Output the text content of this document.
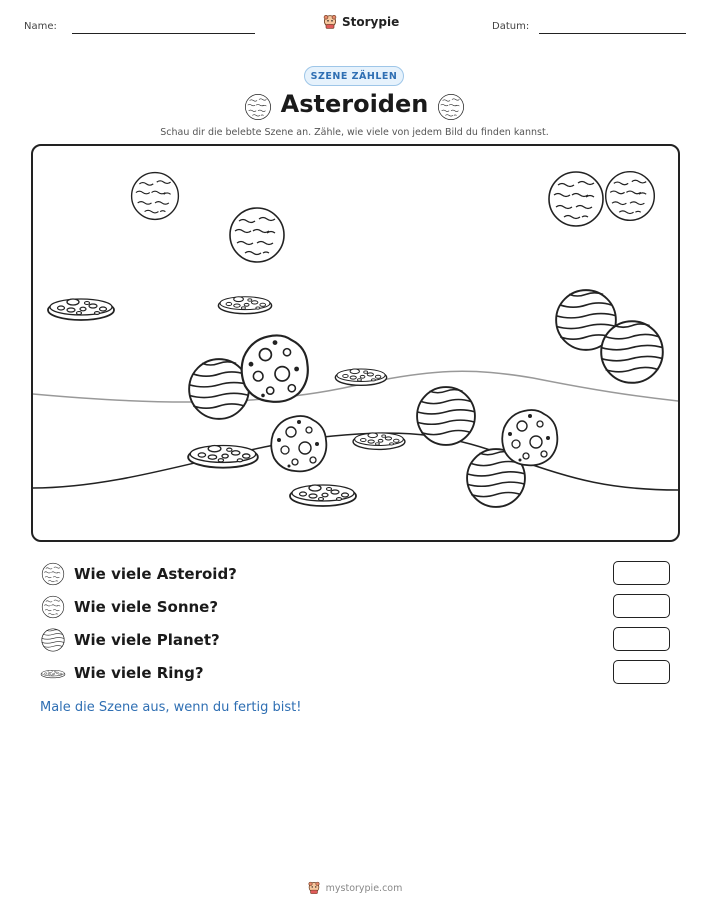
Name:	Storypie	Datum:
SZENE ZÄHLEN
Asteroiden
Schau dir die belebte Szene an. Zähle, wie viele von jedem Bild du finden kannst.
Wie viele Asteroid?
Wie viele Sonne?
Wie viele Planet?
Wie viele Ring?
Male die Szene aus, wenn du fertig bist!
mystorypie.com
